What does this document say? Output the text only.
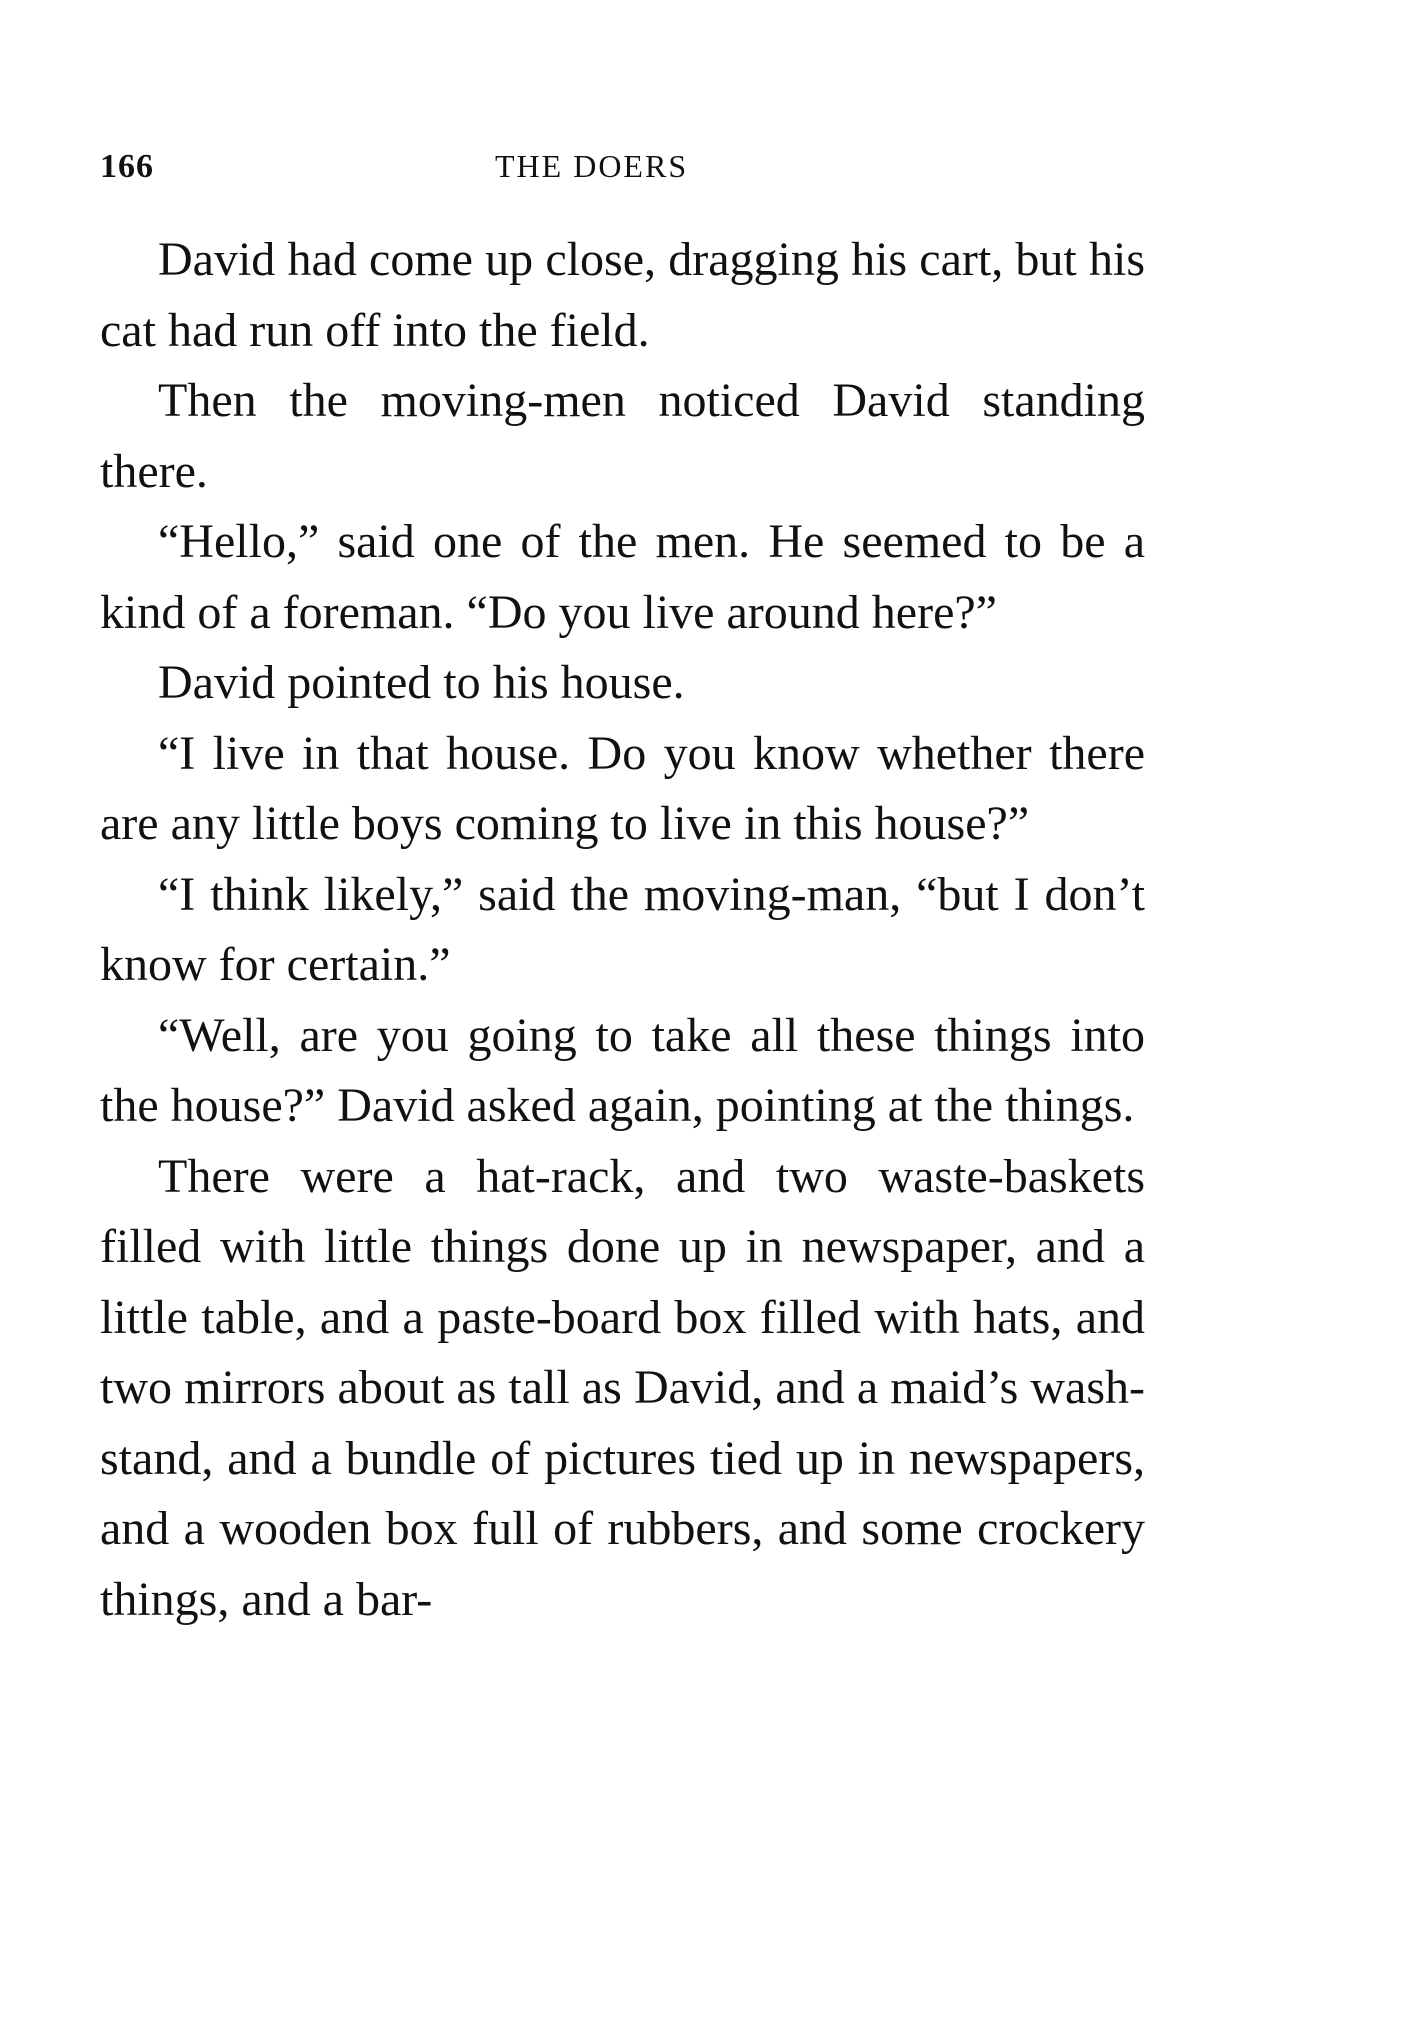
166	THE DOERS

David had come up close, dragging his cart, but his cat had run off into the field.

Then the moving-men noticed David standing there.

“Hello,” said one of the men. He seemed to be a kind of a foreman. “Do you live around here?”

David pointed to his house.

“I live in that house. Do you know whether there are any little boys coming to live in this house?”

“I think likely,” said the moving-man, “but I don’t know for certain.”

“Well, are you going to take all these things into the house?” David asked again, pointing at the things.

There were a hat-rack, and two waste-baskets filled with little things done up in newspaper, and a little table, and a paste-board box filled with hats, and two mirrors about as tall as David, and a maid’s wash-stand, and a bundle of pictures tied up in newspapers, and a wooden box full of rubbers, and some crockery things, and a bar-
